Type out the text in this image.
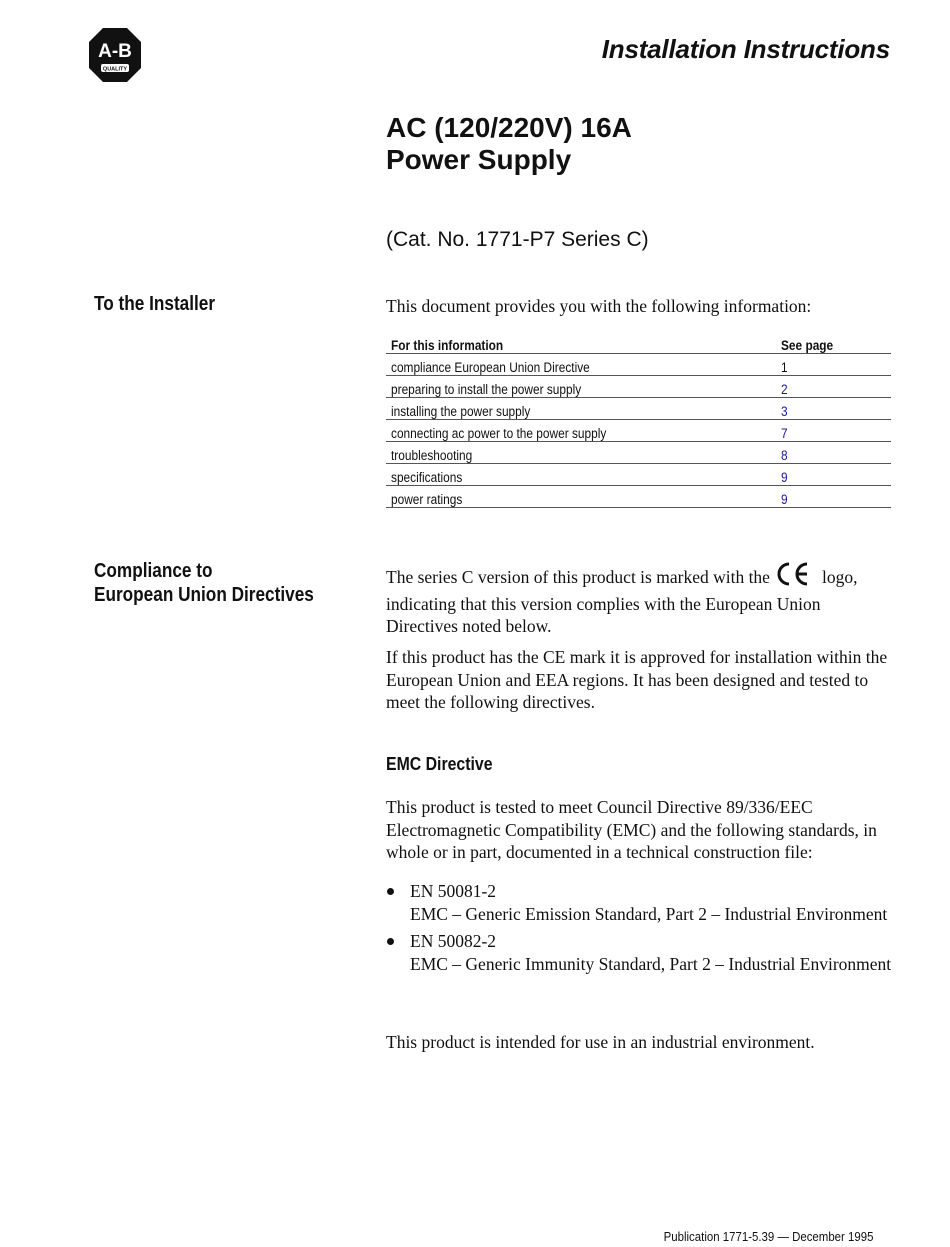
A-B
QUALITY
Installation Instructions
AC (120/220V) 16A
Power Supply
(Cat. No. 1771-P7 Series C)
To the Installer	This document provides you with the following information:
For this information	See page
compliance European Union Directive	1
preparing to install the power supply	2
installing the power supply	3
connecting ac power to the power supply	7
troubleshooting	8
specifications	9
power ratings	9
Compliance to
European Union Directives
The series C version of this product is marked with the	logo, indicating that this version complies with the European Union Directives noted below.
If this product has the CE mark it is approved for installation within the European Union and EEA regions. It has been designed and tested to meet the following directives.
EMC Directive
This product is tested to meet Council Directive 89/336/EEC Electromagnetic Compatibility (EMC) and the following standards, in whole or in part, documented in a technical construction file:
EN 50081-2
EMC – Generic Emission Standard, Part 2 – Industrial Environment
EN 50082-2
EMC – Generic Immunity Standard, Part 2 – Industrial Environment
This product is intended for use in an industrial environment.
Publication 1771-5.39 — December 1995
